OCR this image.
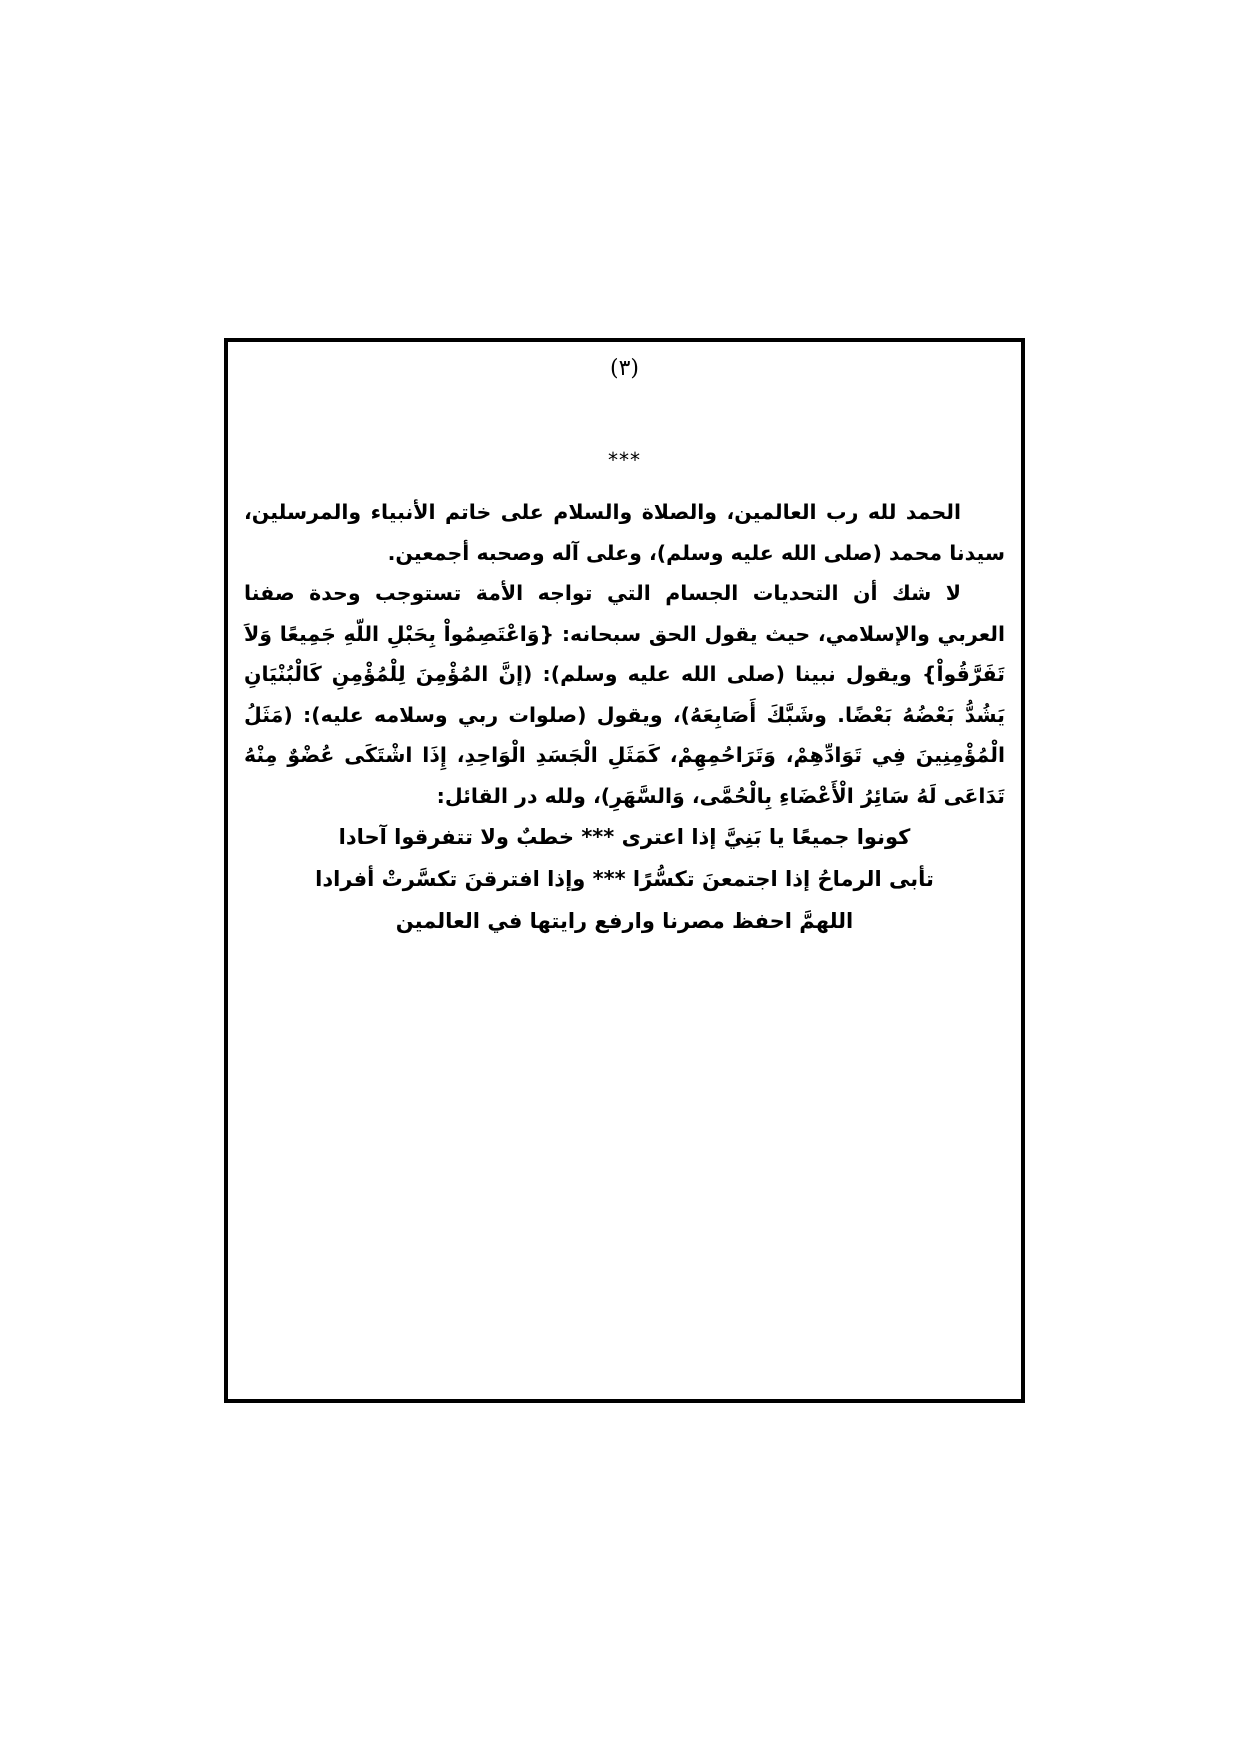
(٣)
***

الحمد لله رب العالمين، والصلاة والسلام على خاتم الأنبياء والمرسلين، سيدنا محمد (صلى الله عليه وسلم)، وعلى آله وصحبه أجمعين.

لا شك أن التحديات الجسام التي تواجه الأمة تستوجب وحدة صفنا العربي والإسلامي، حيث يقول الحق سبحانه: {وَاعْتَصِمُواْ بِحَبْلِ اللّهِ جَمِيعًا وَلاَ تَفَرَّقُواْ} ويقول نبينا (صلى الله عليه وسلم): (إنَّ المُؤْمِنَ لِلْمُؤْمِنِ كَالْبُنْيَانِ يَشُدُّ بَعْضُهُ بَعْضًا. وشَبَّكَ أَصَابِعَهُ)، ويقول (صلوات ربي وسلامه عليه): (مَثَلُ الْمُؤْمِنِينَ فِي تَوَادِّهِمْ، وَتَرَاحُمِهِمْ، كَمَثَلِ الْجَسَدِ الْوَاحِدِ، إِذَا اشْتَكَى عُضْوٌ مِنْهُ تَدَاعَى لَهُ سَائِرُ الْأَعْضَاءِ بِالْحُمَّى، وَالسَّهَرِ)، ولله در القائل:

كونوا جميعًا يا بَنِيَّ إذا اعترى *** خطبٌ ولا تتفرقوا آحادا

تأبى الرماحُ إذا اجتمعنَ تكسُّرًا *** وإذا افترقنَ تكسَّرتْ أفرادا

اللهمَّ احفظ مصرنا وارفع رايتها في العالمين
